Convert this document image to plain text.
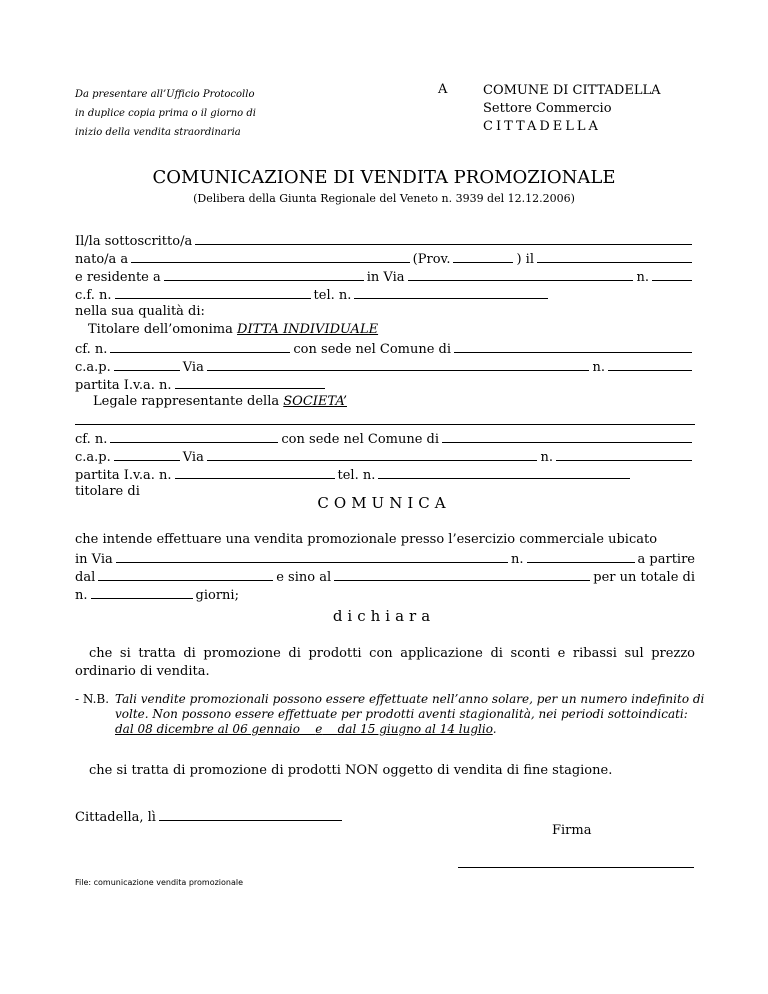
Da presentare all’Ufficio Protocollo
in duplice copia prima o il giorno di
inizio della vendita straordinaria
A	COMUNE DI CITTADELLA
Settore Commercio
CITTADELLA
COMUNICAZIONE DI VENDITA PROMOZIONALE
(Delibera della Giunta Regionale del Veneto n. 3939 del 12.12.2006)
Il/la sottoscritto/a
nato/a a	(Prov.	) il
e residente a	in Via	n.
c.f. n.	tel. n.
nella sua qualità di:
Titolare dell’omonima
DITTA INDIVIDUALE
cf. n.	con sede nel Comune di
c.a.p.	Via	n.
partita I.v.a. n.
Legale rappresentante della
SOCIETA’
cf. n.	con sede nel Comune di
c.a.p.	Via	n.
partita I.v.a. n.	tel. n.
titolare di
COMUNICA
che intende effettuare una vendita promozionale presso l’esercizio commerciale ubicato
in Via	n.	a partire
dal	e sino al	per un totale di
n.	giorni;
dichiara
che si tratta di promozione di prodotti con applicazione di sconti e ribassi sul prezzo ordinario di vendita.
- N.B. Tali vendite promozionali possono essere effettuate nell’anno solare, per un numero indefinito di
volte. Non possono essere effettuate per prodotti aventi stagionalità, nei periodi sottoindicati:
dal 08 dicembre al 06 gennaio e dal 15 giugno al 14 luglio.
che si tratta di promozione di prodotti NON oggetto di vendita di fine stagione.
Cittadella, lì
Firma
File: comunicazione vendita promozionale
